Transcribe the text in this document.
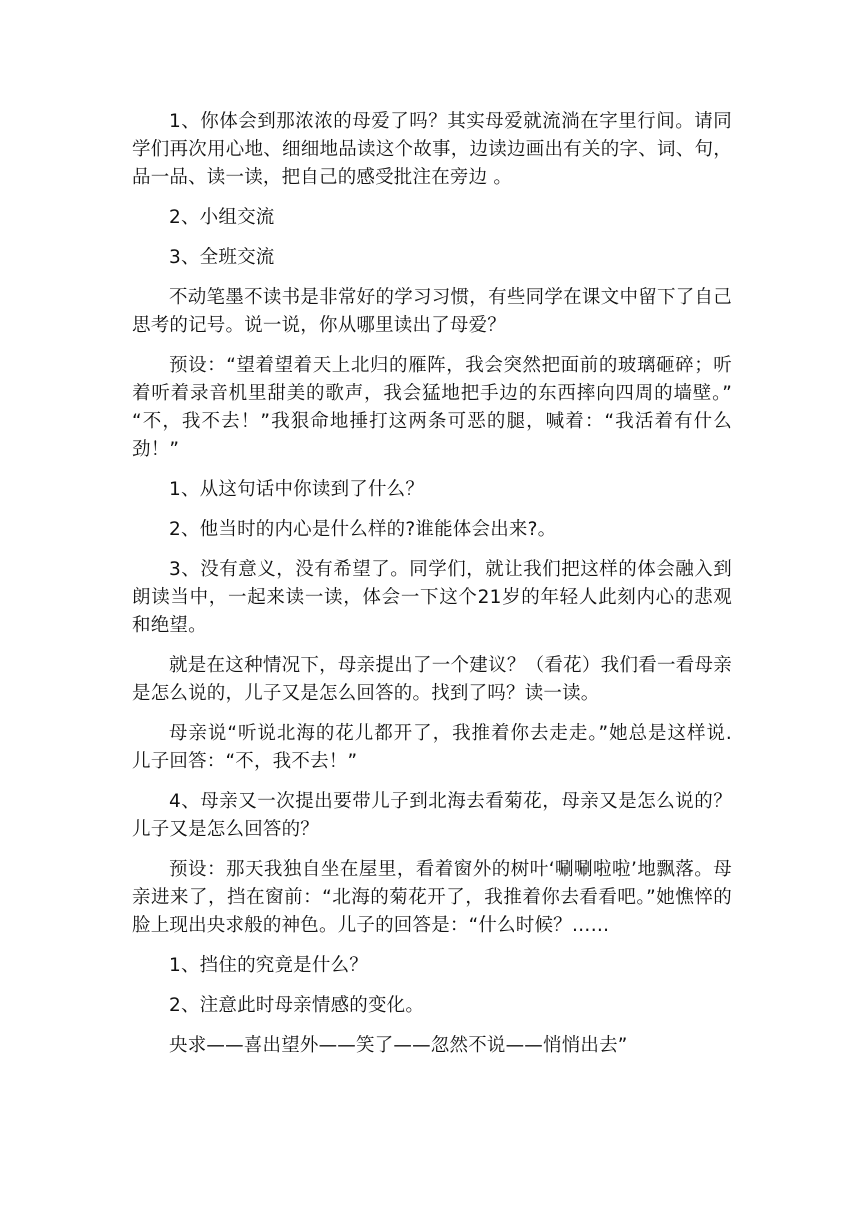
1、你体会到那浓浓的母爱了吗？其实母爱就流淌在字里行间。请同学们再次用心地、细细地品读这个故事，边读边画出有关的字、词、句，品一品、读一读，把自己的感受批注在旁边 。

2、小组交流

3、全班交流

不动笔墨不读书是非常好的学习习惯，有些同学在课文中留下了自己思考的记号。说一说，你从哪里读出了母爱？

预设：“望着望着天上北归的雁阵，我会突然把面前的玻璃砸碎；听着听着录音机里甜美的歌声，我会猛地把手边的东西摔向四周的墙壁。” “不，我不去！”我狠命地捶打这两条可恶的腿，喊着：“我活着有什么劲！”

1、从这句话中你读到了什么？

2、他当时的内心是什么样的?谁能体会出来?。

3、没有意义，没有希望了。同学们，就让我们把这样的体会融入到朗读当中，一起来读一读，体会一下这个21岁的年轻人此刻内心的悲观和绝望。

就是在这种情况下，母亲提出了一个建议？（看花）我们看一看母亲是怎么说的，儿子又是怎么回答的。找到了吗？读一读。

母亲说“听说北海的花儿都开了，我推着你去走走。”她总是这样说. 儿子回答：“不，我不去！”

4、母亲又一次提出要带儿子到北海去看菊花，母亲又是怎么说的？儿子又是怎么回答的？

预设：那天我独自坐在屋里，看着窗外的树叶‘唰唰啦啦’地飘落。母亲进来了，挡在窗前：“北海的菊花开了，我推着你去看看吧。”她憔悴的脸上现出央求般的神色。儿子的回答是：“什么时候？……

1、挡住的究竟是什么？

2、注意此时母亲情感的变化。

央求——喜出望外——笑了——忽然不说——悄悄出去”
